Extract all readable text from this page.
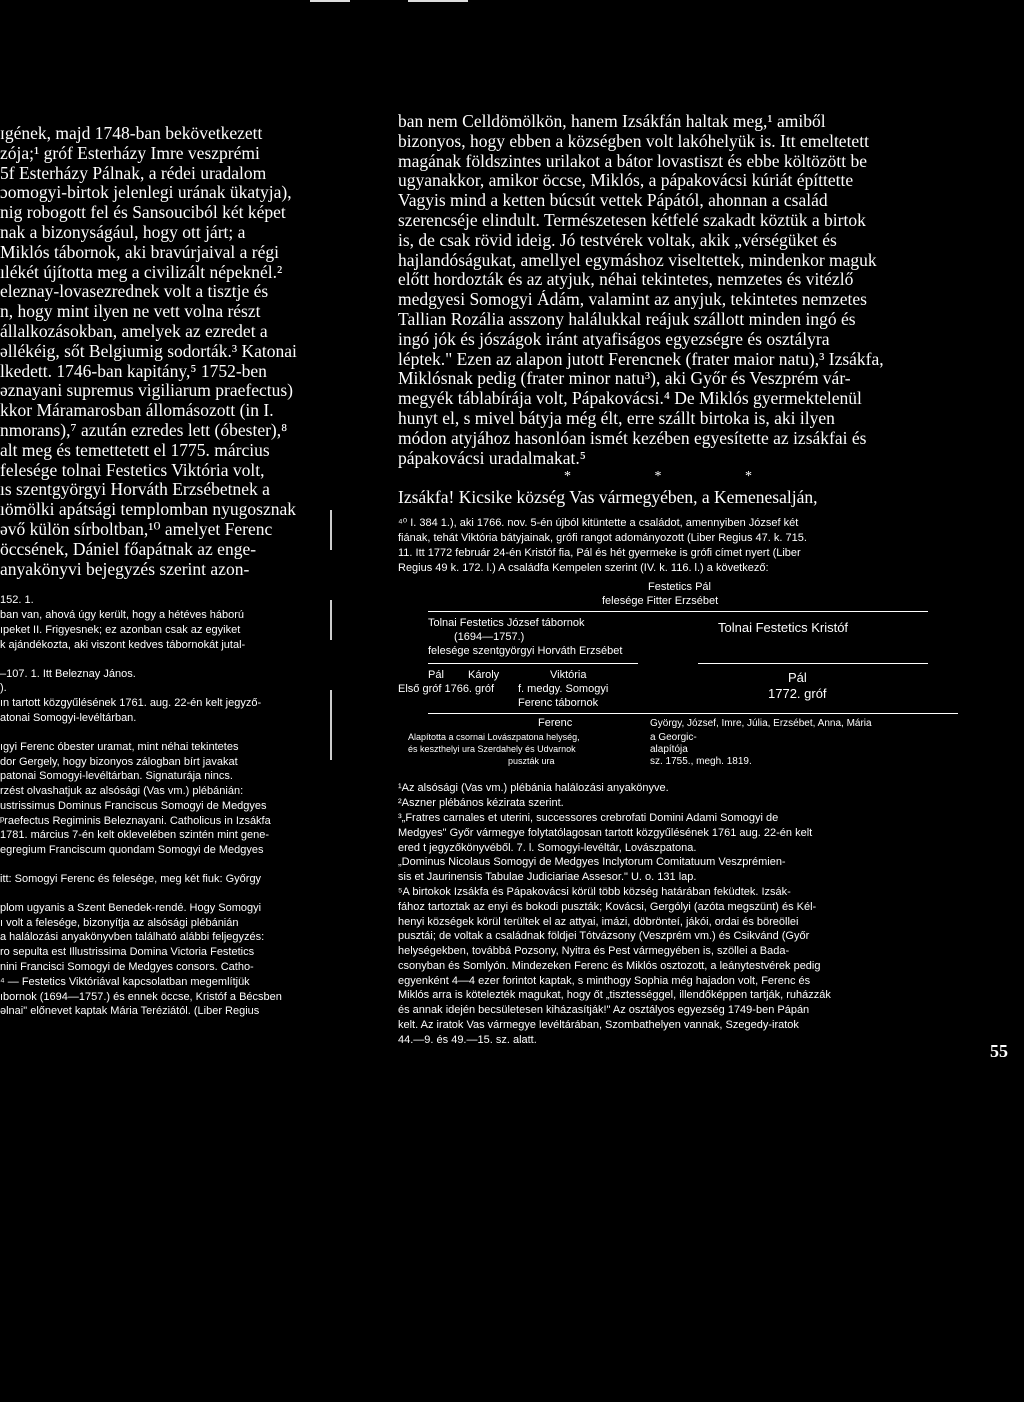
ɪgének, majd 1748-ban bekövetkezett
zója;¹ gróf Esterházy Imre veszprémi
5f Esterházy Pálnak, a rédei uradalom
ɔomogyi-birtok jelenlegi urának ükatyja),
nig robogott fel és Sansouciból két képet
nak a bizonyságául, hogy ott járt; a
Miklós tábornok, aki bravúrjaival a régi
ılékét újította meg a civilizált népeknél.²
eleznay-lovasezrednek volt a tisztje és
n, hogy mint ilyen ne vett volna részt
állalkozásokban, amelyek az ezredet a
əllékéig, sőt Belgiumig sodorták.³ Katonai
lkedett. 1746-ban kapitány,⁵ 1752-ben
əznayani supremus vigiliarum praefectus)
kkor Máramarosban állomásozott (in I.
nmorans),⁷ azután ezredes lett (óbester),⁸
alt meg és temettetett el 1775. március
felesége tolnai Festetics Viktória volt,
ıs szentgyörgyi Horváth Erzsébetnek a
ıömölki apátsági templomban nyugosznak
əvő külön sírboltban,¹⁰ amelyet Ferenc
öccsének, Dániel főapátnak az enge-
anyakönyvi bejegyzés szerint azon-
152. 1.
ban van, ahová úgy került, hogy a hétéves háború
ıpeket II. Frigyesnek; ez azonban csak az egyiket
k ajándékozta, aki viszont kedves tábornokát jutal-
–107. 1. Itt Beleznay János.
).
ın tartott közgyűlésének 1761. aug. 22-én kelt jegyző-
atonai Somogyi-levéltárban.
ıgyi Ferenc óbester uramat, mint néhai tekintetes
dor Gergely, hogy bizonyos zálogban bírt javakat
patonai Somogyi-levéltárban. Signaturája nincs.
rzést olvashatjuk az alsósági (Vas vm.) plébánián:
ustrissimus Dominus Franciscus Somogyi de Medgyes
ᵖraefectus Regiminis Beleznayani. Catholicus in Izsákfa
1781. március 7-én kelt oklevelében szintén mint gene-
egregium Franciscum quondam Somogyi de Medgyes
itt: Somogyi Ferenc és felesége, meg két fiuk: Győrgy
plom ugyanis a Szent Benedek-rendé. Hogy Somogyi
ı volt a felesége, bizonyítja az alsósági plébánián
a halálozási anyakönyvben található alábbi feljegyzés:
ro sepulta est Illustrissima Domina Victoria Festetics
nini Francisci Somogyi de Medgyes consors. Catho-
⁴ — Festetics Viktóriával kapcsolatban megemlítjük
ıbornok (1694—1757.) és ennek öccse, Kristóf a Bécsben
əlnai" előnevet kaptak Mária Teréziától. (Liber Regius
ban nem Celldömölkön, hanem Izsákfán haltak meg,¹ amiből
bizonyos, hogy ebben a községben volt lakóhelyük is. Itt emeltetett
magának földszintes urilakot a bátor lovastiszt és ebbe költözött be
ugyanakkor, amikor öccse, Miklós, a pápakovácsi kúriát építtette
Vagyis mind a ketten búcsút vettek Pápától, ahonnan a család
szerencséje elindult. Természetesen kétfelé szakadt köztük a birtok
is, de csak rövid ideig. Jó testvérek voltak, akik „vérségüket és
hajlandóságukat, amellyel egymáshoz viseltettek, mindenkor maguk
előtt hordozták és az atyjuk, néhai tekintetes, nemzetes és vitézlő
medgyesi Somogyi Ádám, valamint az anyjuk, tekintetes nemzetes
Tallian Rozália asszony halálukkal reájuk szállott minden ingó és
ingó jók és jószágok iránt atyafiságos egyezségre és osztályra
léptek." Ezen az alapon jutott Ferencnek (frater maior natu),³ Izsákfa,
Miklósnak pedig (frater minor natu³), aki Győr és Veszprém vár-
megyék táblabírája volt, Pápakovácsi.⁴ De Miklós gyermektelenül
hunyt el, s mivel bátyja még élt, erre szállt birtoka is, aki ilyen
módon atyjához hasonlóan ismét kezében egyesítette az izsákfai és
pápakovácsi uradalmakat.⁵
* * *
Izsákfa! Kicsike község Vas vármegyében, a Kemenesalján,
⁴⁰ I. 384 1.), aki 1766. nov. 5-én újból kitüntette a családot, amennyiben József két
fiának, tehát Viktória bátyjainak, grófi rangot adományozott (Liber Regius 47. k. 715.
11. Itt 1772 február 24-én Kristóf fia, Pál és hét gyermeke is grófi címet nyert (Liber
Regius 49 k. 172. l.) A családfa Kempelen szerint (IV. k. 116. l.) a következő:
Festetics Pál
felesége Fitter Erzsébet
Tolnai Festetics József tábornok
(1694—1757.)
felesége szentgyörgyi Horváth Erzsébet
Tolnai Festetics Kristóf
Pál
Első gróf 1766. gróf
Károly	Viktória
f. medgy. Somogyi
Ferenc tábornok
Pál
1772. gróf
Ferenc
Alapította a csornai Lovászpatona helység,
és keszthelyi ura Szerdahely és Udvarnok
puszták ura
György, József, Imre, Júlia, Erzsébet, Anna, Mária
a Georgic-
alapítója
sz. 1755., megh. 1819.
¹Az alsósági (Vas vm.) plébánia halálozási anyakönyve.
²Aszner plébános kézirata szerint.
³„Fratres carnales et uterini, successores crebrofati Domini Adami Somogyi de
Medgyes" Győr vármegye folytatólagosan tartott közgyűlésének 1761 aug. 22-én kelt
ered t jegyzőkönyvéből. 7. l. Somogyi-levéltár, Lovászpatona.
„Dominus Nicolaus Somogyi de Medgyes Inclytorum Comitatuum Veszprémien-
sis et Jaurinensis Tabulae Judiciariae Assesor." U. o. 131 lap.
⁵A birtokok Izsákfa és Pápakovácsi körül több község határában feküdtek. Izsák-
fához tartoztak az enyi és bokodi puszták; Kovácsi, Gergólyi (azóta megszünt) és Kél-
henyi községek körül terültek el az attyai, imázi, döbrönteí, jákói, ordai és böreöllei
pusztái; de voltak a családnak földjei Tótvázsony (Veszprém vm.) és Csikvánd (Győr
helységekben, továbbá Pozsony, Nyitra és Pest vármegyében is, szöllei a Bada-
csonyban és Somlyón. Mindezeken Ferenc és Miklós osztozott, a leánytestvérek pedig
egyenként 4—4 ezer forintot kaptak, s minthogy Sophia még hajadon volt, Ferenc és
Miklós arra is kötelezték magukat, hogy őt „tisztességgel, illendőképpen tartják, ruházzák
és annak idején becsületesen kiházasítják!" Az osztályos egyezség 1749-ben Pápán
kelt. Az iratok Vas vármegye levéltárában, Szombathelyen vannak, Szegedy-iratok
44.—9. és 49.—15. sz. alatt.
55
